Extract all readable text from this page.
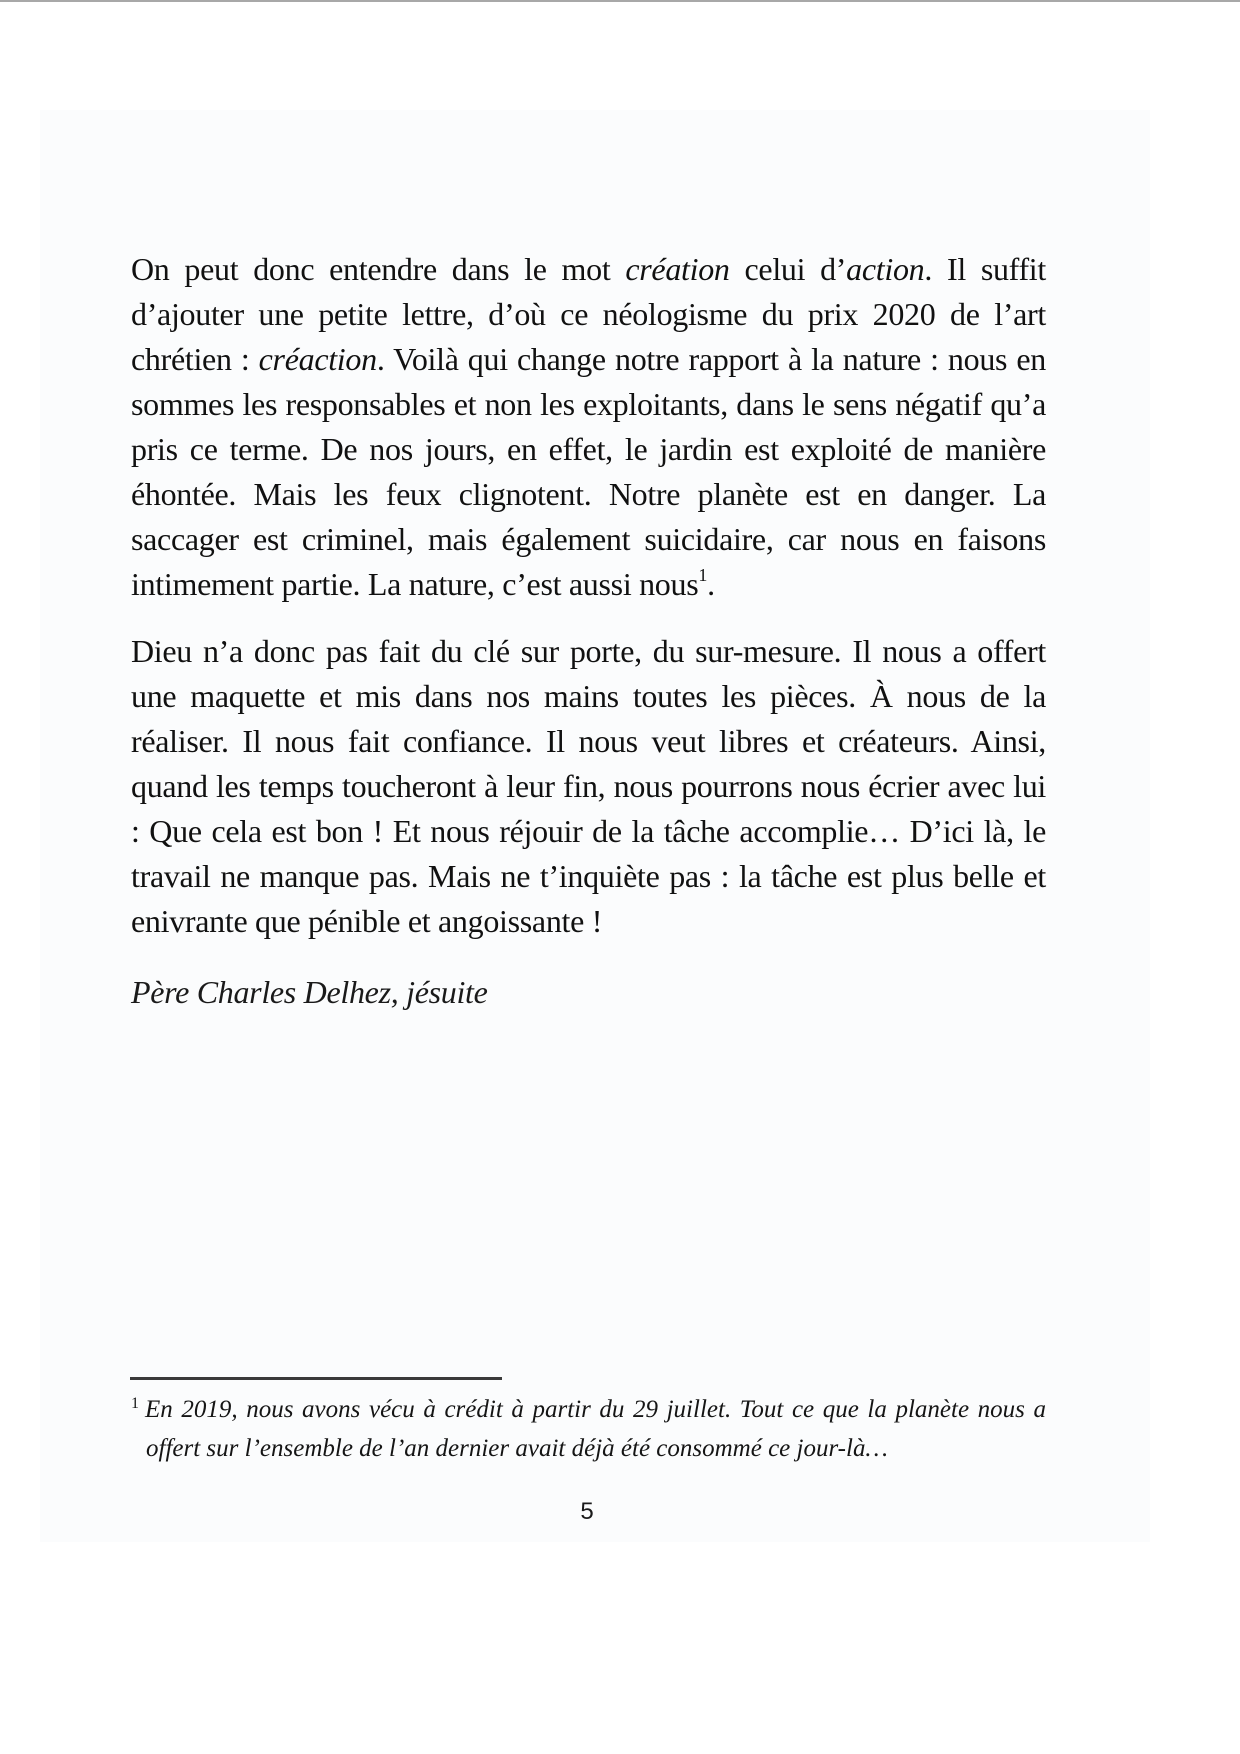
On peut donc entendre dans le mot création celui d’action. Il suffit d’ajouter une petite lettre, d’où ce néologisme du prix 2020 de l’art chrétien : créaction. Voilà qui change notre rapport à la nature : nous en sommes les responsables et non les exploitants, dans le sens négatif qu’a pris ce terme. De nos jours, en effet, le jardin est exploité de manière éhontée. Mais les feux clignotent. Notre planète est en danger. La saccager est criminel, mais également suicidaire, car nous en faisons intimement partie. La nature, c’est aussi nous$^1$.

Dieu n’a donc pas fait du clé sur porte, du sur-mesure. Il nous a offert une maquette et mis dans nos mains toutes les pièces. À nous de la réaliser. Il nous fait confiance. Il nous veut libres et créateurs. Ainsi, quand les temps toucheront à leur fin, nous pourrons nous écrier avec lui : Que cela est bon ! Et nous réjouir de la tâche accomplie… D’ici là, le travail ne manque pas. Mais ne t’inquiète pas : la tâche est plus belle et enivrante que pénible et angoissante !

Père Charles Delhez, jésuite

$^1$ En 2019, nous avons vécu à crédit à partir du 29 juillet. Tout ce que la planète nous a offert sur l’ensemble de l’an dernier avait déjà été consommé ce jour-là…
5
